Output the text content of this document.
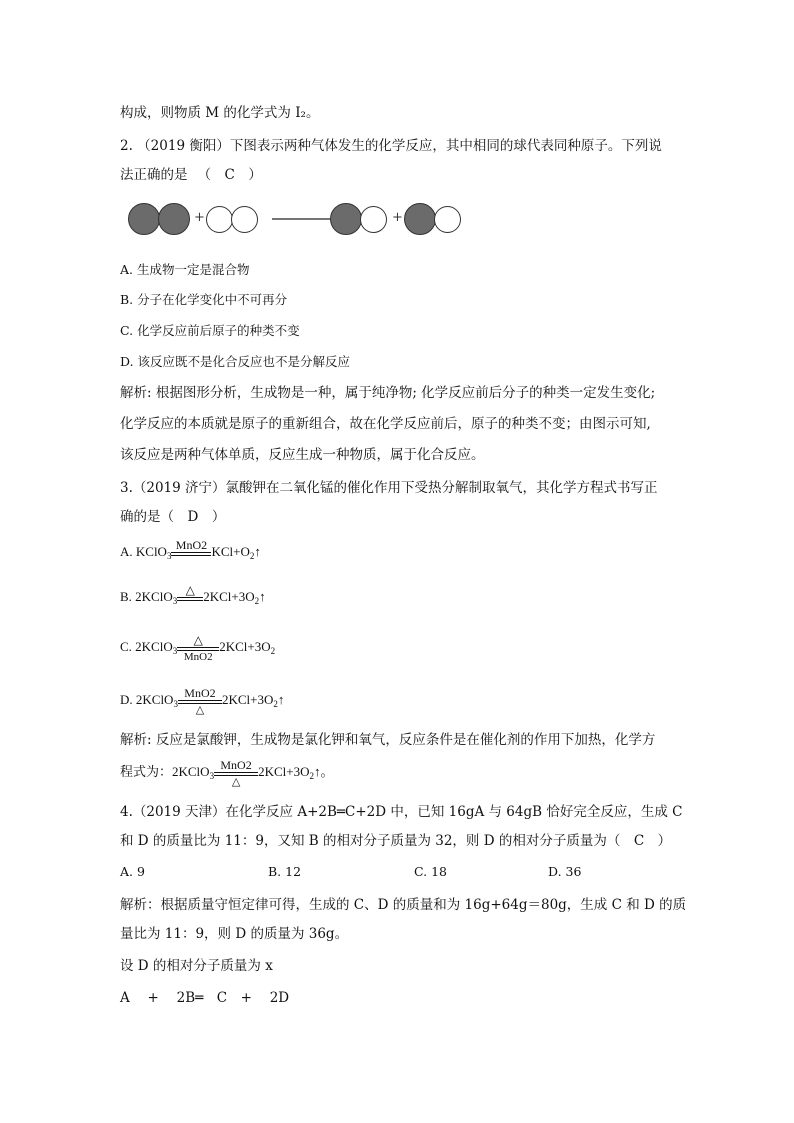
构成，则物质 M 的化学式为 I₂。
2. （2019 衡阳）下图表示两种气体发生的化学反应，其中相同的球代表同种原子。下列说
法正确的是 （　C　）
+	+
A. 生成物一定是混合物
B. 分子在化学变化中不可再分
C. 化学反应前后原子的种类不变
D. 该反应既不是化合反应也不是分解反应
解析: 根据图形分析，生成物是一种，属于纯净物; 化学反应前后分子的种类一定发生变化;
化学反应的本质就是原子的重新组合，故在化学反应前后，原子的种类不变；由图示可知,
该反应是两种气体单质，反应生成一种物质，属于化合反应。
3.（2019 济宁）氯酸钾在二氧化锰的催化作用下受热分解制取氧气，其化学方程式书写正
确的是（　D　）
A. KClO$_3$
MnO2 $KCl+O_2↑$
B. 2KClO$_3$
△ $2KCl+3O_2↑$
C. 2KClO$_3$ $\frac{\triangle}{\text{MnO2}} 2KCl+3O_2$
D. 2KClO$_3$ $\frac{\text{MnO2}}{\triangle}$ $2KCl+3O_2↑$
解析: 反应是氯酸钾，生成物是氯化钾和氧气，反应条件是在催化剂的作用下加热，化学方
程式为：2KClO$_3$ $\frac{\text{MnO2}}{\triangle}$ $2KCl+3O_2↑$。
4.（2019 天津）在化学反应 A+2B═C+2D 中，已知 16gA 与 64gB 恰好完全反应，生成 C
和 D 的质量比为 11：9，又知 B 的相对分子质量为 32，则 D 的相对分子质量为（　C　）
A. 9	B. 12	C. 18	D. 36
解析：根据质量守恒定律可得，生成的 C、D 的质量和为 16g+64g＝80g，生成 C 和 D 的质
量比为 11：9，则 D 的质量为 36g。
设 D 的相对分子质量为 x
A　 + 　2B═　C　+　 2D
